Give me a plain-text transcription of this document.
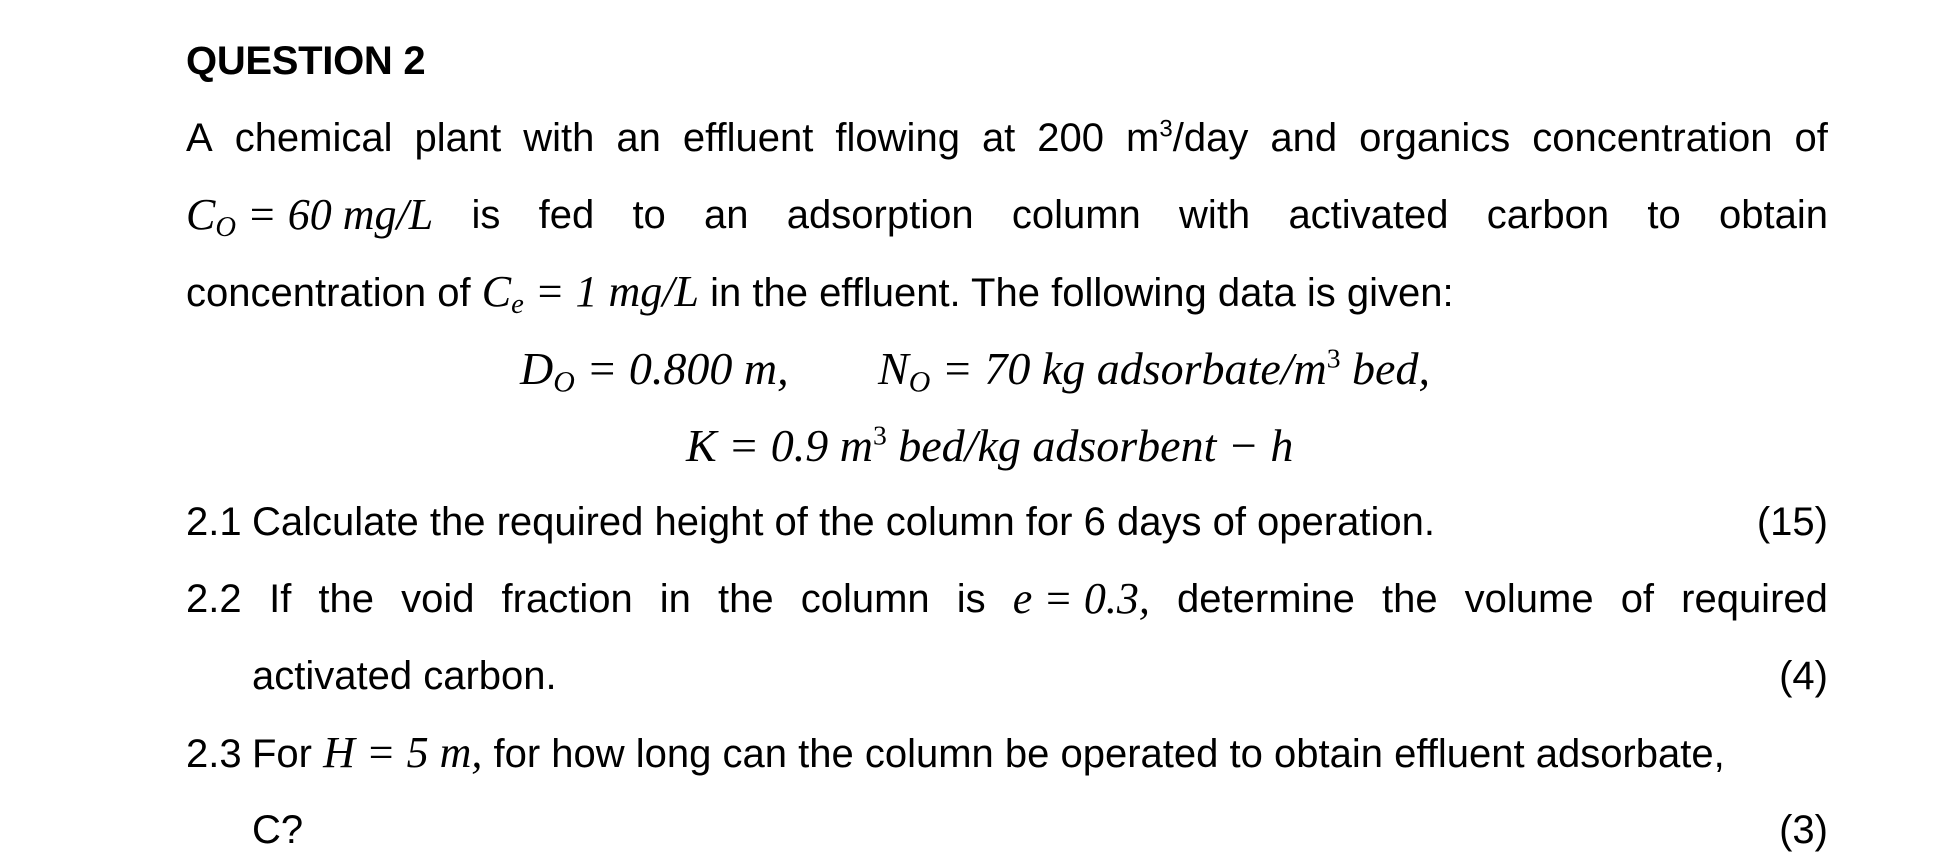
QUESTION 2
A chemical plant with an effluent flowing at 200 $m^3$/day and organics concentration of
$C_O = 60$ mg/L is fed to an adsorption column with activated carbon to obtain
concentration of $C_e = 1$ mg/L in the effluent. The following data is given:
$D_O = 0.800$ m, $N_O = 70$ kg adsorbate/$m^3$ bed,
K = 0.9 $m^3$ bed/kg adsorbent − h
2.1 Calculate the required height of the column for 6 days of operation.	(15)
2.2 If the void fraction in the column is e = 0.3, determine the volume of required
activated carbon.	(4)
2.3 For H = 5 m, for how long can the column be operated to obtain effluent adsorbate,
C?	(3)
